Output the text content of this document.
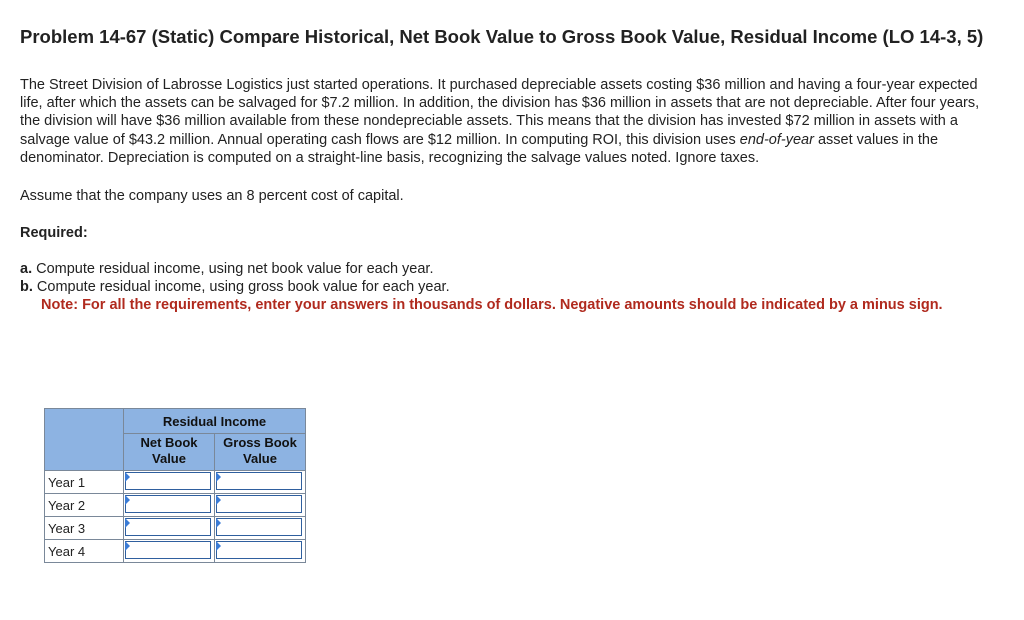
Problem 14-67 (Static) Compare Historical, Net Book Value to Gross Book Value, Residual Income (LO 14-3, 5)

The Street Division of Labrosse Logistics just started operations. It purchased depreciable assets costing $36 million and having a four-year expected life, after which the assets can be salvaged for $7.2 million. In addition, the division has $36 million in assets that are not depreciable. After four years, the division will have $36 million available from these nondepreciable assets. This means that the division has invested $72 million in assets with a salvage value of $43.2 million. Annual operating cash flows are $12 million. In computing ROI, this division uses end-of-year asset values in the denominator. Depreciation is computed on a straight-line basis, recognizing the salvage values noted. Ignore taxes.

Assume that the company uses an 8 percent cost of capital.

Required:
a. Compute residual income, using net book value for each year.
b. Compute residual income, using gross book value for each year.
Note: For all the requirements, enter your answers in thousands of dollars. Negative amounts should be indicated by a minus sign.
	Residual Income	
	Net Book Value	Gross Book Value
Year 1	

Year 2	

Year 3	

Year 4	
